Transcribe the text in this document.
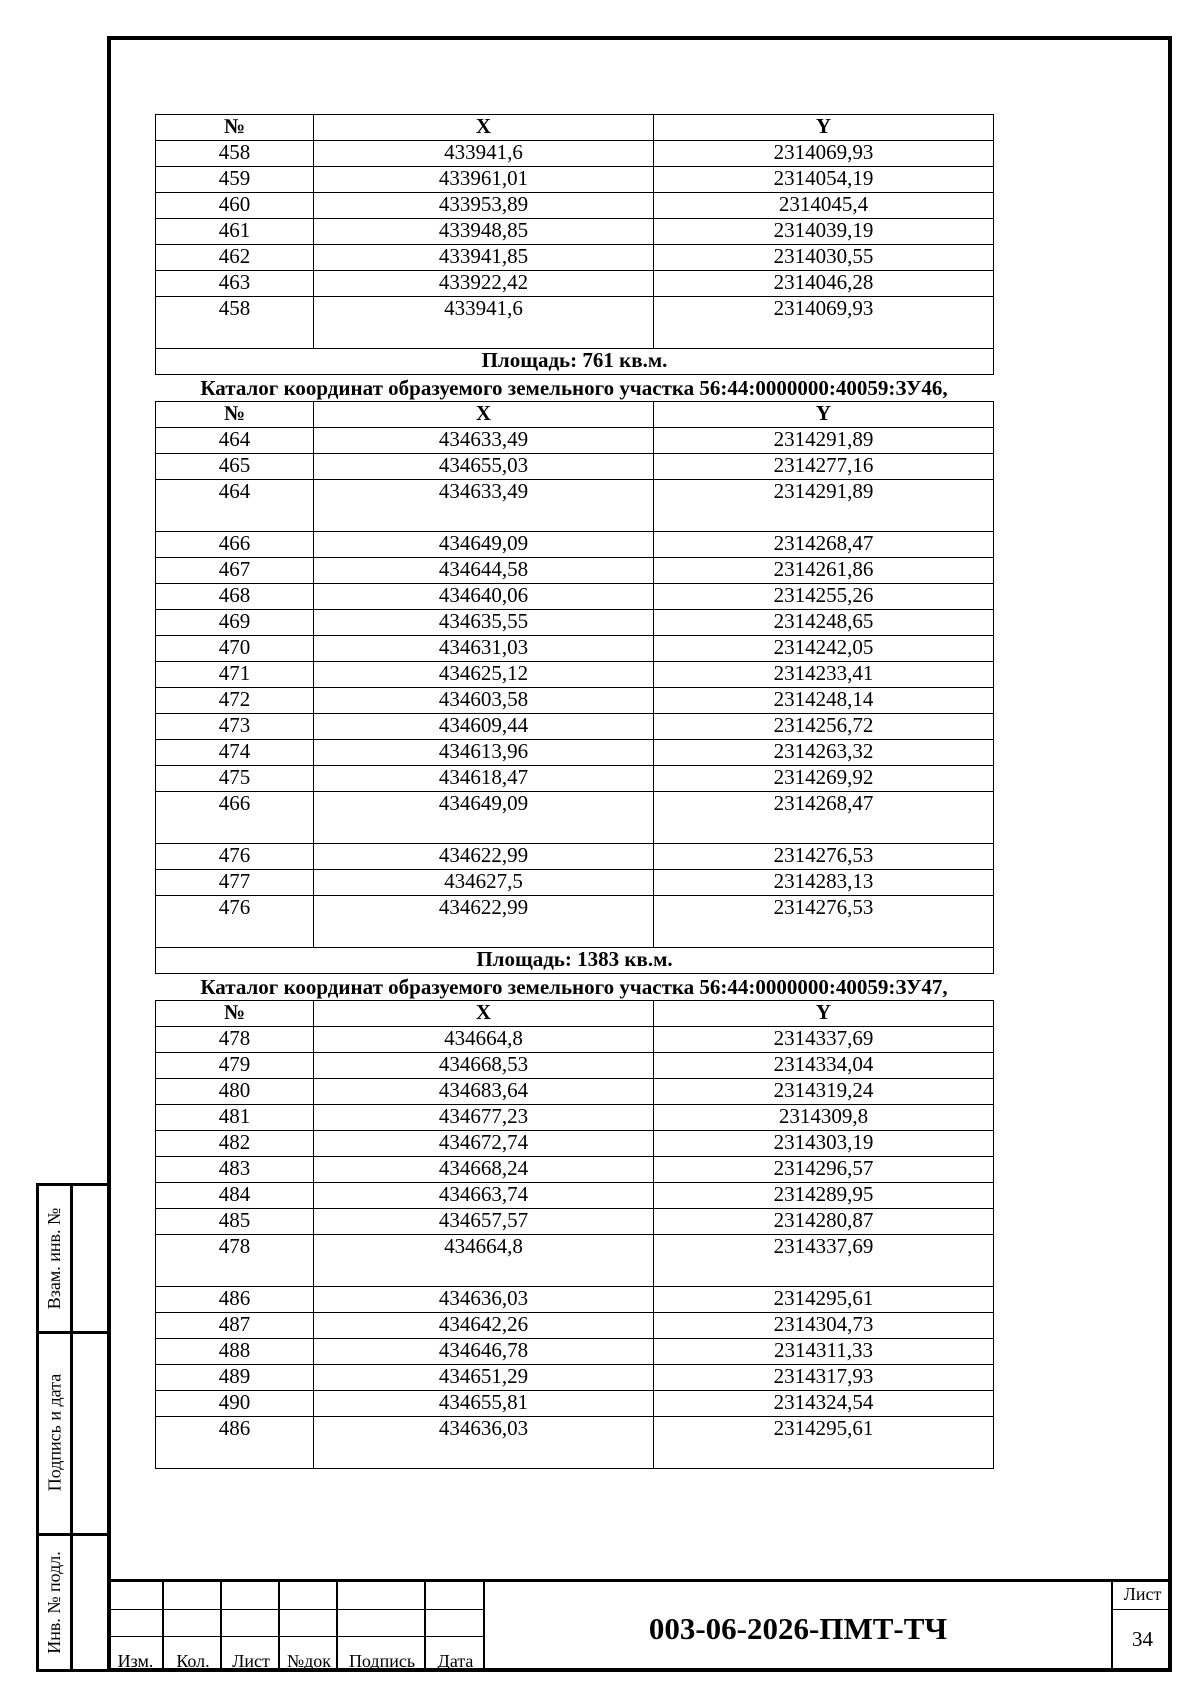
№	X	Y
458	433941,6	2314069,93
459	433961,01	2314054,19
460	433953,89	2314045,4
461	433948,85	2314039,19
462	433941,85	2314030,55
463	433922,42	2314046,28
458	433941,6	2314069,93
Площадь: 761 кв.м.		
Каталог координат образуемого земельного участка 56:44:0000000:40059:ЗУ46,
№	X	Y
464	434633,49	2314291,89
465	434655,03	2314277,16
464	434633,49	2314291,89
466	434649,09	2314268,47
467	434644,58	2314261,86
468	434640,06	2314255,26
469	434635,55	2314248,65
470	434631,03	2314242,05
471	434625,12	2314233,41
472	434603,58	2314248,14
473	434609,44	2314256,72
474	434613,96	2314263,32
475	434618,47	2314269,92
466	434649,09	2314268,47
476	434622,99	2314276,53
477	434627,5	2314283,13
476	434622,99	2314276,53
Площадь: 1383 кв.м.		
Каталог координат образуемого земельного участка 56:44:0000000:40059:ЗУ47,
№	X	Y
478	434664,8	2314337,69
479	434668,53	2314334,04
480	434683,64	2314319,24
481	434677,23	2314309,8
482	434672,74	2314303,19
483	434668,24	2314296,57
484	434663,74	2314289,95
485	434657,57	2314280,87
478	434664,8	2314337,69
486	434636,03	2314295,61
487	434642,26	2314304,73
488	434646,78	2314311,33
489	434651,29	2314317,93
490	434655,81	2314324,54
486	434636,03	2314295,61
Взам. инв. №
Подпись и дата
Инв. № подл.
Изм.	Кол.	Лист №док Подпись	Дата
003-06-2026-ПМТ-ТЧ
Лист
34
